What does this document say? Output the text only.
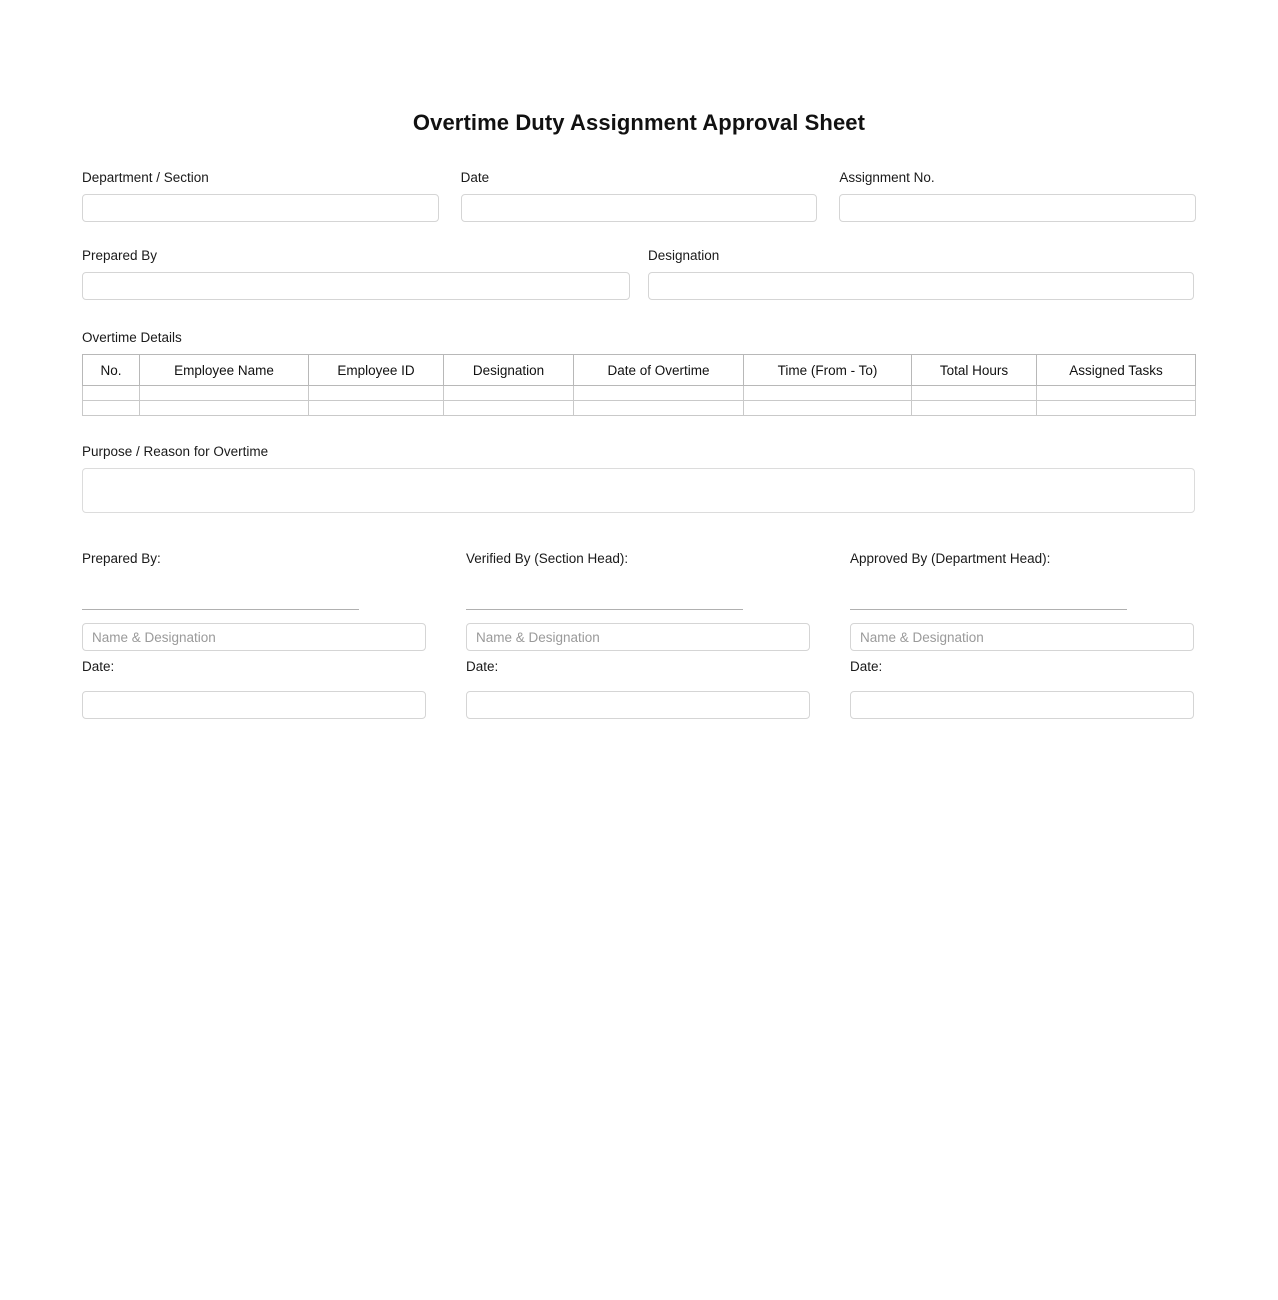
Overtime Duty Assignment Approval Sheet
Department / Section	Date	Assignment No.
Prepared By	Designation
Overtime Details
No.	Employee Name	Employee ID	Designation	Date of Overtime	Time (From - To)	Total Hours	Assigned Tasks

Purpose / Reason for Overtime
Prepared By:
Name & Designation
Date:
Verified By (Section Head):
Name & Designation
Date:
Approved By (Department Head):
Name & Designation
Date:
